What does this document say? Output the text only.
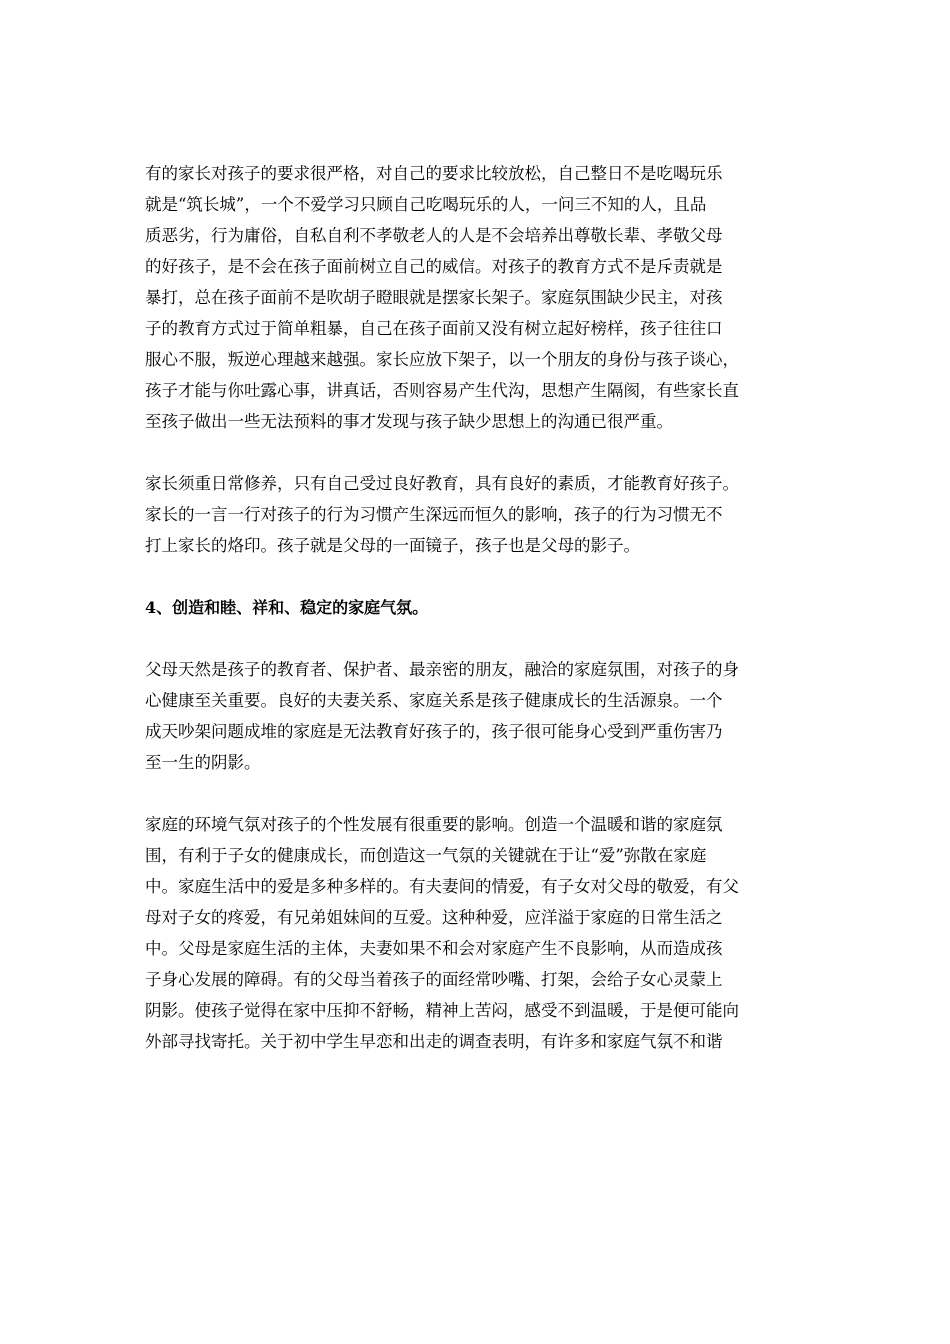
有的家长对孩子的要求很严格，对自己的要求比较放松，自己整日不是吃喝玩乐
就是“筑长城”，一个不爱学习只顾自己吃喝玩乐的人，一问三不知的人，且品
质恶劣，行为庸俗，自私自利不孝敬老人的人是不会培养出尊敬长辈、孝敬父母
的好孩子，是不会在孩子面前树立自己的威信。对孩子的教育方式不是斥责就是
暴打，总在孩子面前不是吹胡子瞪眼就是摆家长架子。家庭氛围缺少民主，对孩
子的教育方式过于简单粗暴，自己在孩子面前又没有树立起好榜样，孩子往往口
服心不服，叛逆心理越来越强。家长应放下架子，以一个朋友的身份与孩子谈心，
孩子才能与你吐露心事，讲真话，否则容易产生代沟，思想产生隔阂，有些家长直
至孩子做出一些无法预料的事才发现与孩子缺少思想上的沟通已很严重。
家长须重日常修养，只有自己受过良好教育，具有良好的素质，才能教育好孩子。
家长的一言一行对孩子的行为习惯产生深远而恒久的影响，孩子的行为习惯无不
打上家长的烙印。孩子就是父母的一面镜子，孩子也是父母的影子。
4、创造和睦、祥和、稳定的家庭气氛。
父母天然是孩子的教育者、保护者、最亲密的朋友，融洽的家庭氛围，对孩子的身
心健康至关重要。良好的夫妻关系、家庭关系是孩子健康成长的生活源泉。一个
成天吵架问题成堆的家庭是无法教育好孩子的，孩子很可能身心受到严重伤害乃
至一生的阴影。
家庭的环境气氛对孩子的个性发展有很重要的影响。创造一个温暖和谐的家庭氛
围，有利于子女的健康成长，而创造这一气氛的关键就在于让“爱”弥散在家庭
中。家庭生活中的爱是多种多样的。有夫妻间的情爱，有子女对父母的敬爱，有父
母对子女的疼爱，有兄弟姐妹间的互爱。这种种爱，应洋溢于家庭的日常生活之
中。父母是家庭生活的主体，夫妻如果不和会对家庭产生不良影响，从而造成孩
子身心发展的障碍。有的父母当着孩子的面经常吵嘴、打架，会给子女心灵蒙上
阴影。使孩子觉得在家中压抑不舒畅，精神上苦闷，感受不到温暖，于是便可能向
外部寻找寄托。关于初中学生早恋和出走的调查表明，有许多和家庭气氛不和谐
